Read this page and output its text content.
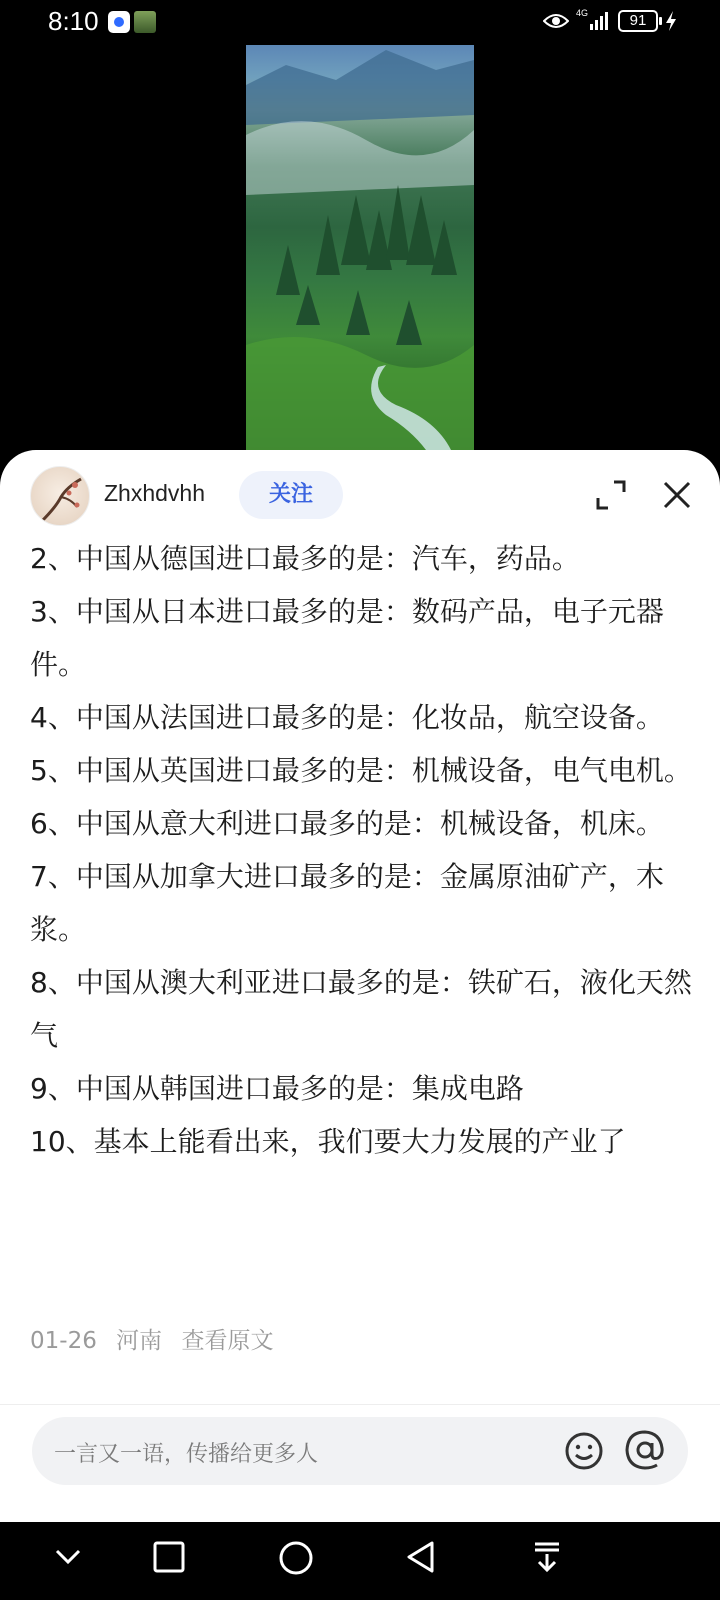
8:10	4G	91
Zhxhdvhh	关注

2、中国从德国进口最多的是：汽车，药品。

3、中国从日本进口最多的是：数码产品，电子元器件。

4、中国从法国进口最多的是：化妆品，航空设备。

5、中国从英国进口最多的是：机械设备，电气电机。

6、中国从意大利进口最多的是：机械设备，机床。

7、中国从加拿大进口最多的是：金属原油矿产，木浆。

8、中国从澳大利亚进口最多的是：铁矿石，液化天然气

9、中国从韩国进口最多的是：集成电路

10、基本上能看出来，我们要大力发展的产业了

01-26 河南 查看原文
一言又一语，传播给更多人
